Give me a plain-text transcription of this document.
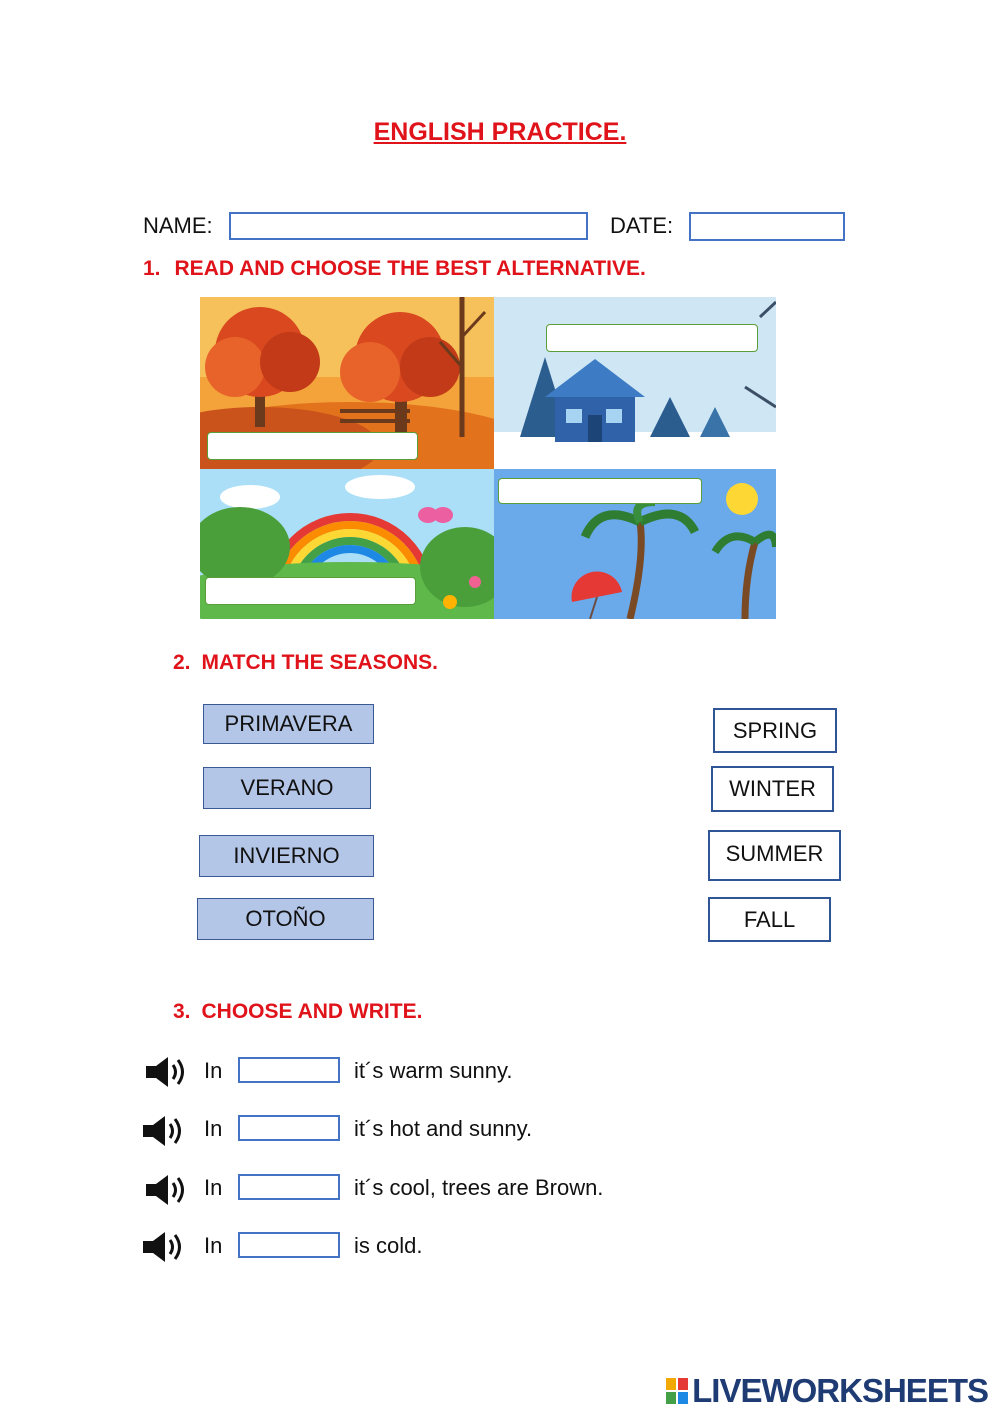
ENGLISH PRACTICE.
NAME:	DATE:
1. READ AND CHOOSE THE BEST ALTERNATIVE.
2. MATCH THE SEASONS.
PRIMAVERA
VERANO
INVIERNO
OTOÑO
SPRING
WINTER
SUMMER
FALL
3. CHOOSE AND WRITE.
In	it´s warm sunny.
In	it´s hot and sunny.
In	it´s cool, trees are Brown.
In	is cold.
LIVEWORKSHEETS
